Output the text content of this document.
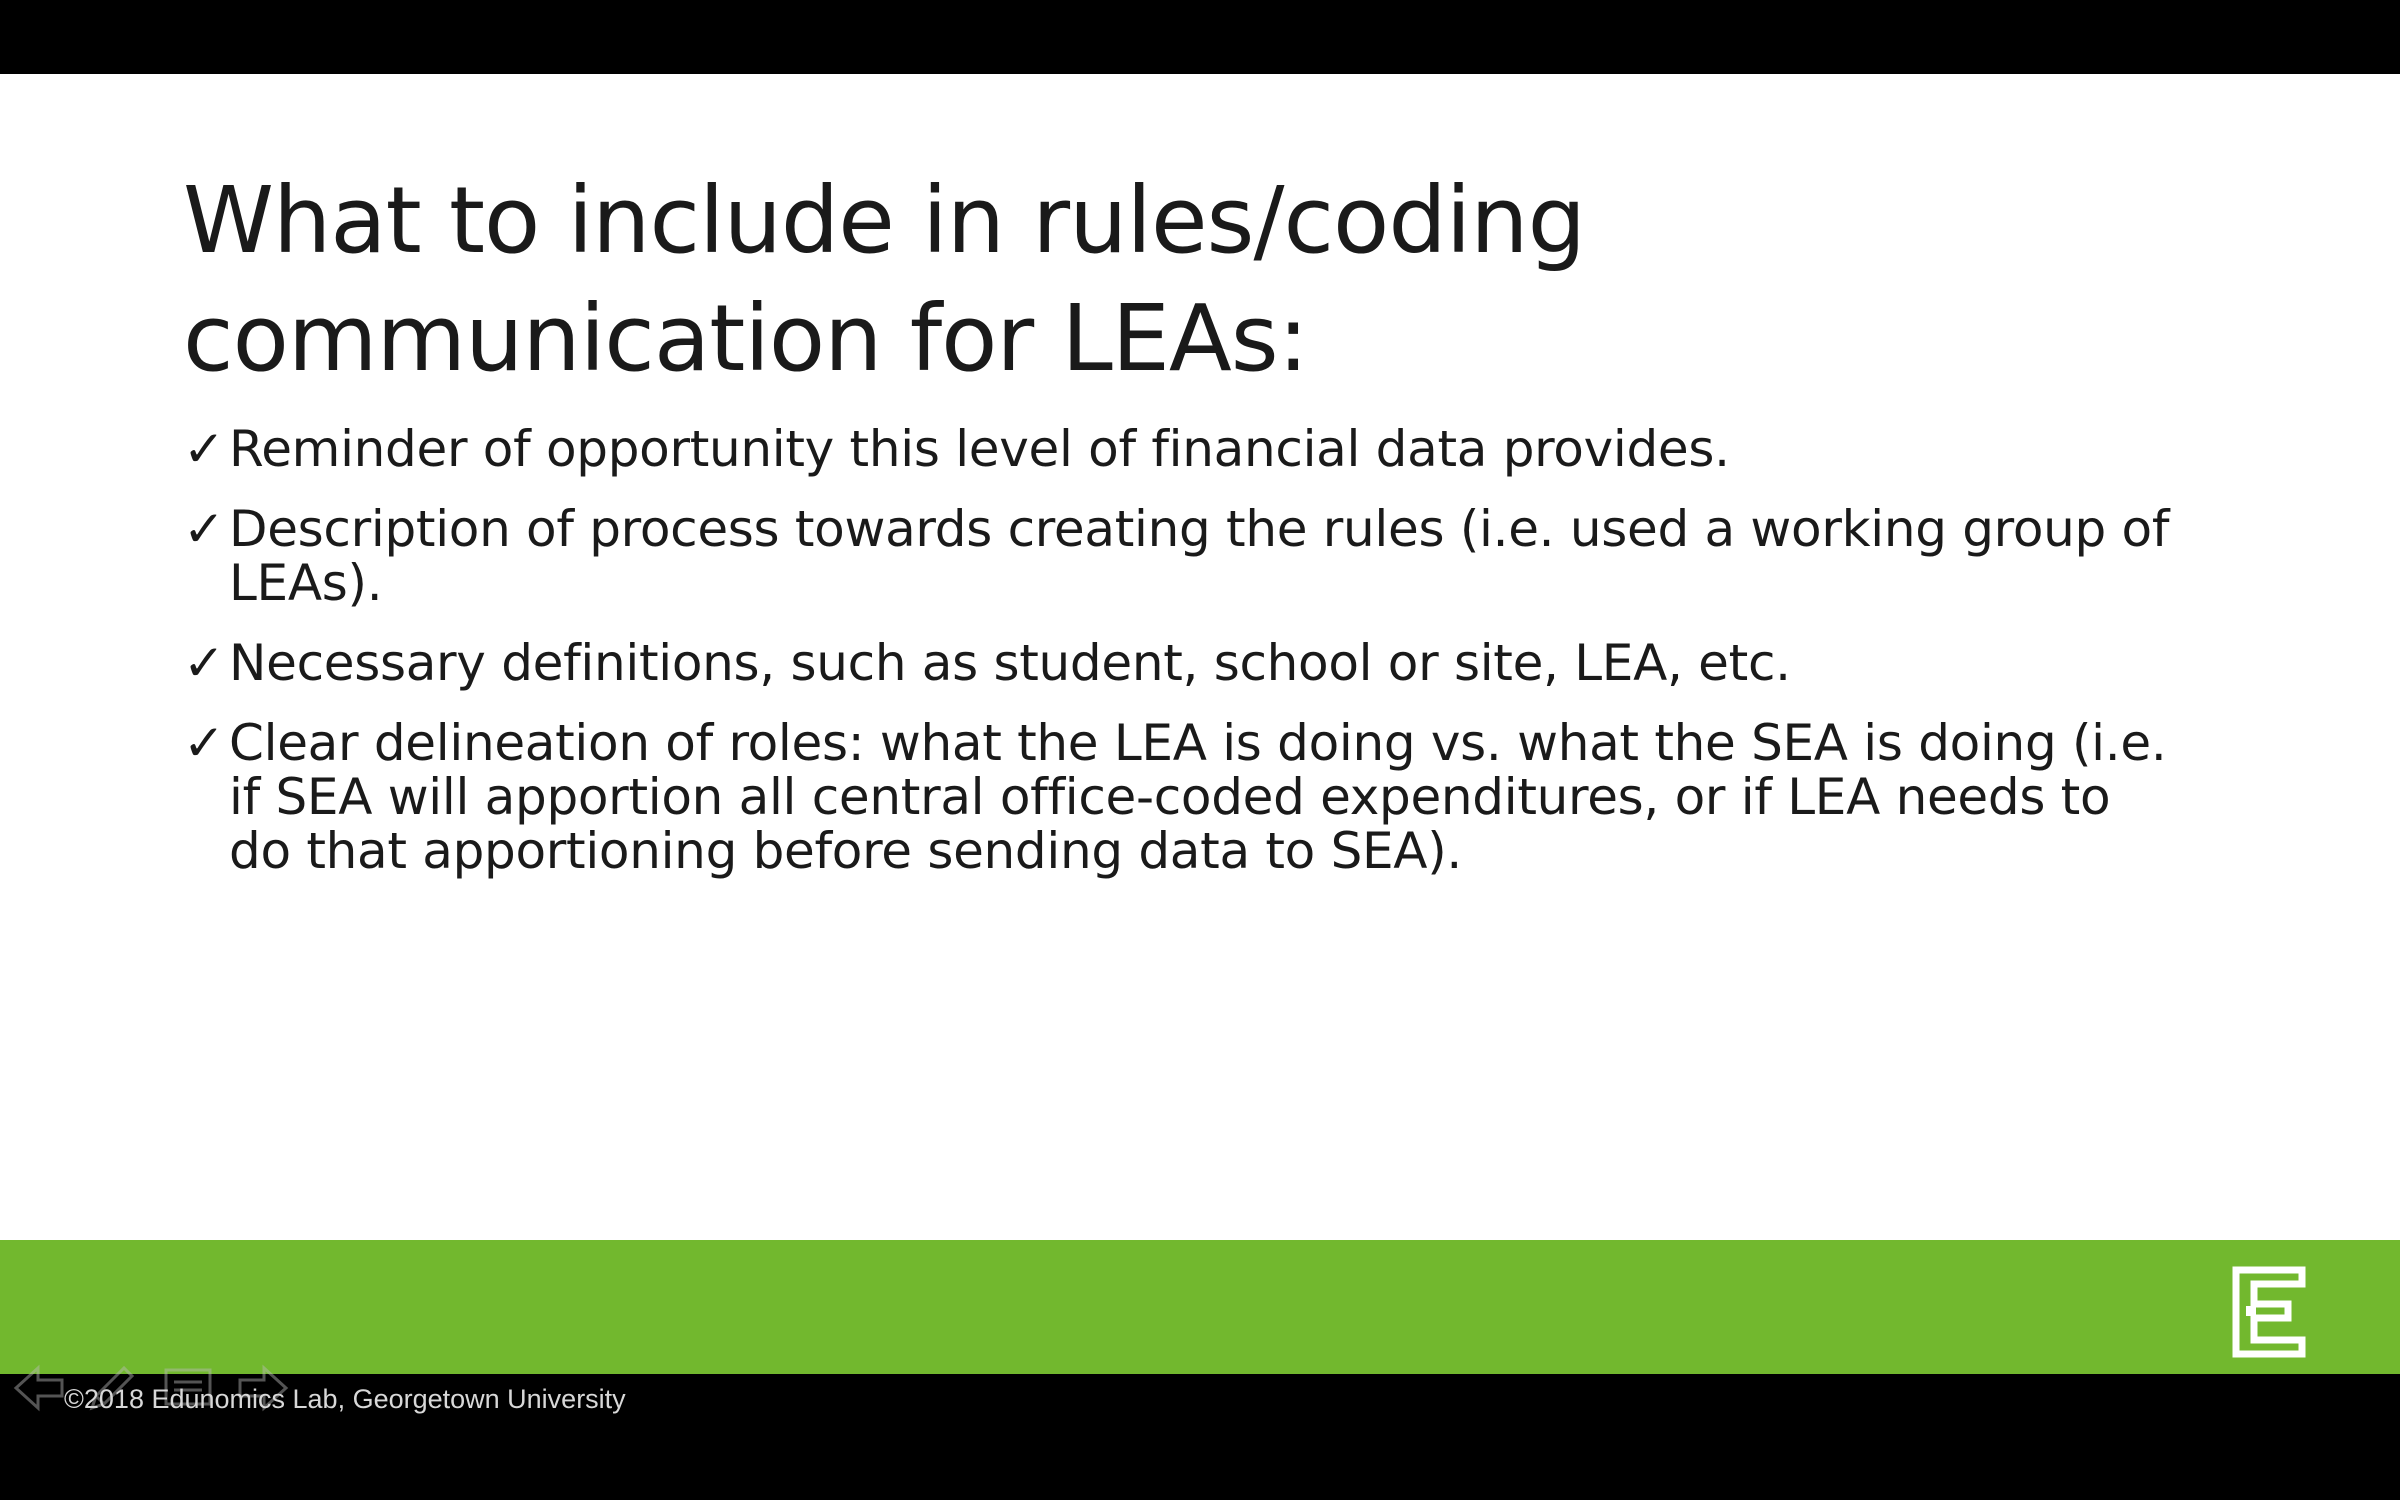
What to include in rules/coding
communication for LEAs:
✓ Reminder of opportunity this level of financial data provides.
✓ Description of process towards creating the rules (i.e. used a working group of LEAs).
✓ Necessary definitions, such as student, school or site, LEA, etc.
✓ Clear delineation of roles: what the LEA is doing vs. what the SEA is doing (i.e. if SEA will apportion all central office-coded expenditures, or if LEA needs to do that apportioning before sending data to SEA).
©2018 Edunomics Lab, Georgetown University
